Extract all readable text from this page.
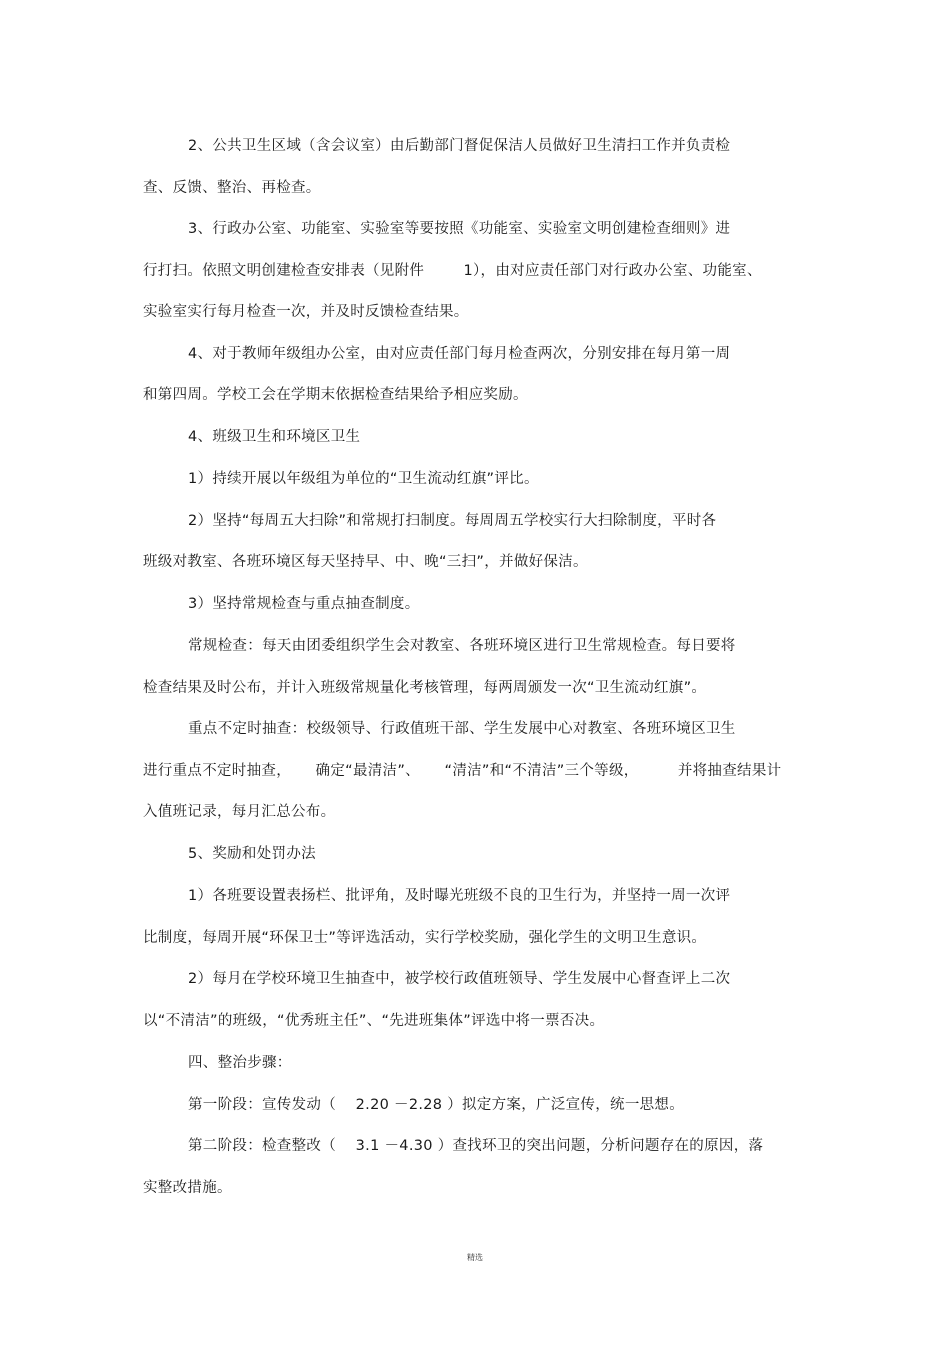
2、公共卫生区域（含会议室）由后勤部门督促保洁人员做好卫生清扫工作并负责检
查、反馈、整治、再检查。
3、行政办公室、功能室、实验室等要按照《功能室、实验室文明创建检查细则》进
行打扫。依照文明创建检查安排表（见附件        1），由对应责任部门对行政办公室、功能室、
实验室实行每月检查一次，并及时反馈检查结果。
4、对于教师年级组办公室，由对应责任部门每月检查两次，分别安排在每月第一周
和第四周。学校工会在学期末依据检查结果给予相应奖励。
4、班级卫生和环境区卫生
1）持续开展以年级组为单位的“卫生流动红旗”评比。
2）坚持“每周五大扫除”和常规打扫制度。每周周五学校实行大扫除制度，平时各
班级对教室、各班环境区每天坚持早、中、晚“三扫”，并做好保洁。
3）坚持常规检查与重点抽查制度。
常规检查：每天由团委组织学生会对教室、各班环境区进行卫生常规检查。每日要将
检查结果及时公布，并计入班级常规量化考核管理，每两周颁发一次“卫生流动红旗”。
重点不定时抽查：校级领导、行政值班干部、学生发展中心对教室、各班环境区卫生
进行重点不定时抽查，     确定“最清洁”、     “清洁”和“不清洁”三个等级，        并将抽查结果计
入值班记录，每月汇总公布。
5、奖励和处罚办法
1）各班要设置表扬栏、批评角，及时曝光班级不良的卫生行为，并坚持一周一次评
比制度，每周开展“环保卫士”等评选活动，实行学校奖励，强化学生的文明卫生意识。
2）每月在学校环境卫生抽查中，被学校行政值班领导、学生发展中心督查评上二次
以“不清洁”的班级，“优秀班主任”、“先进班集体”评选中将一票否决。
四、整治步骤：
第一阶段：宣传发动（    2.20 －2.28 ）拟定方案，广泛宣传，统一思想。
第二阶段：检查整改（    3.1 －4.30 ）查找环卫的突出问题，分析问题存在的原因，落
实整改措施。
精选
